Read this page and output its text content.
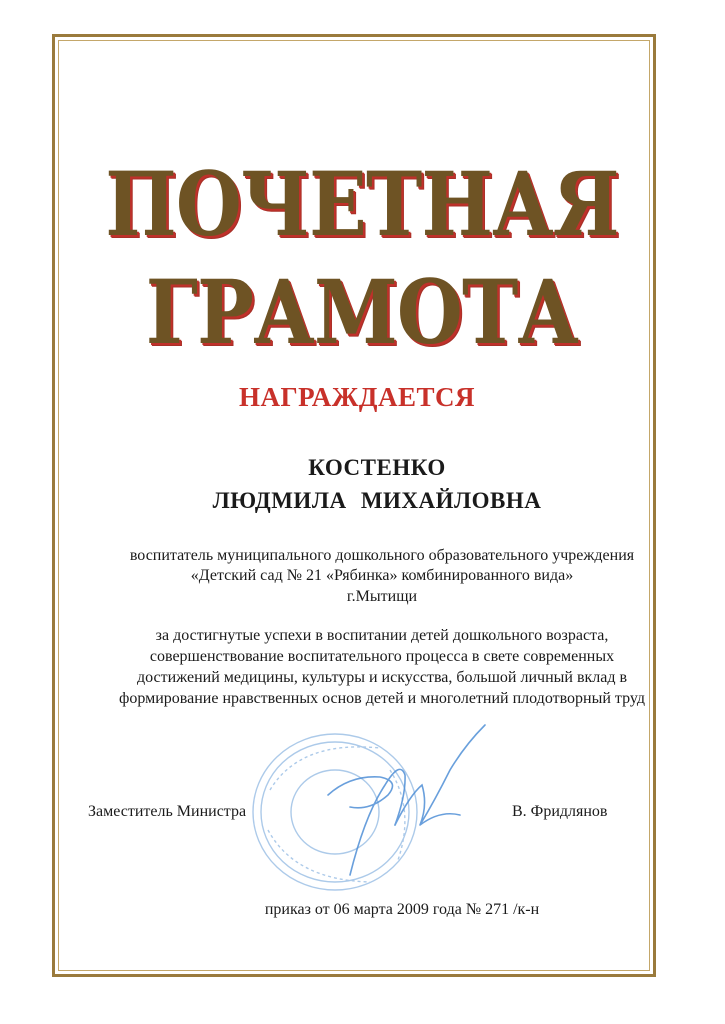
ПОЧЕТНАЯ
ГРАМОТА
НАГРАЖДАЕТСЯ
КОСТЕНКО
ЛЮДМИЛА МИХАЙЛОВНА
воспитатель муниципального дошкольного образовательного учреждения
«Детский сад № 21 «Рябинка» комбинированного вида»
г.Мытищи
за достигнутые успехи в воспитании детей дошкольного возраста,
совершенствование воспитательного процесса в свете современных
достижений медицины, культуры и искусства, большой личный вклад в
формирование нравственных основ детей и многолетний плодотворный труд
Заместитель Министра	В. Фридлянов
приказ от 06 марта 2009 года № 271 /к-н
